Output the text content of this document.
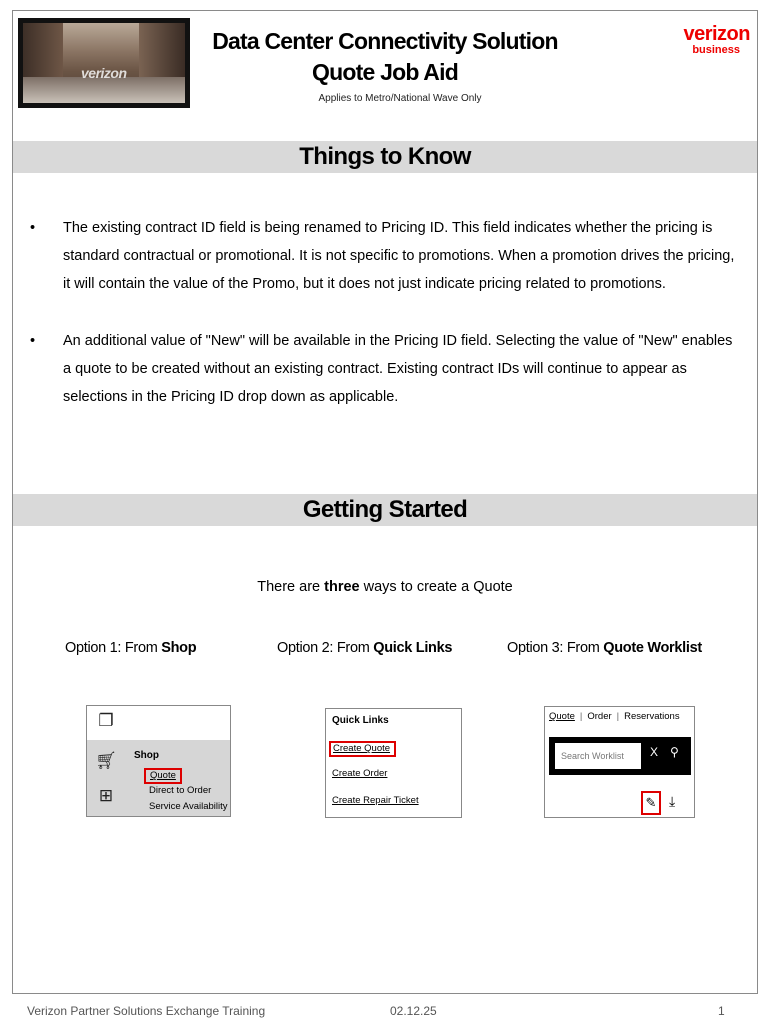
verizon
Data Center Connectivity Solution
Quote Job Aid
Applies to Metro/National Wave Only
verizon
business
Things to Know
• The existing contract ID field is being renamed to Pricing ID. This field indicates whether the pricing is standard contractual or promotional. It is not specific to promotions. When a promotion drives the pricing, it will contain the value of the Promo, but it does not just indicate pricing related to promotions.
• An additional value of "New" will be available in the Pricing ID field. Selecting the value of "New" enables a quote to be created without an existing contract. Existing contract IDs will continue to appear as selections in the Pricing ID drop down as applicable.
Getting Started
There are three ways to create a Quote
Option 1: From Shop	Option 2: From Quick Links	Option 3: From Quote Worklist
❐
🛒︎
⊞
Shop
Quote
Direct to Order
Service Availability
Quick Links
Create Quote
Create Order
Create Repair Ticket
Quote | Order | Reservations
Search Worklist	X ⚲
✎ ⤓
Verizon Partner Solutions Exchange Training	02.12.25	1
